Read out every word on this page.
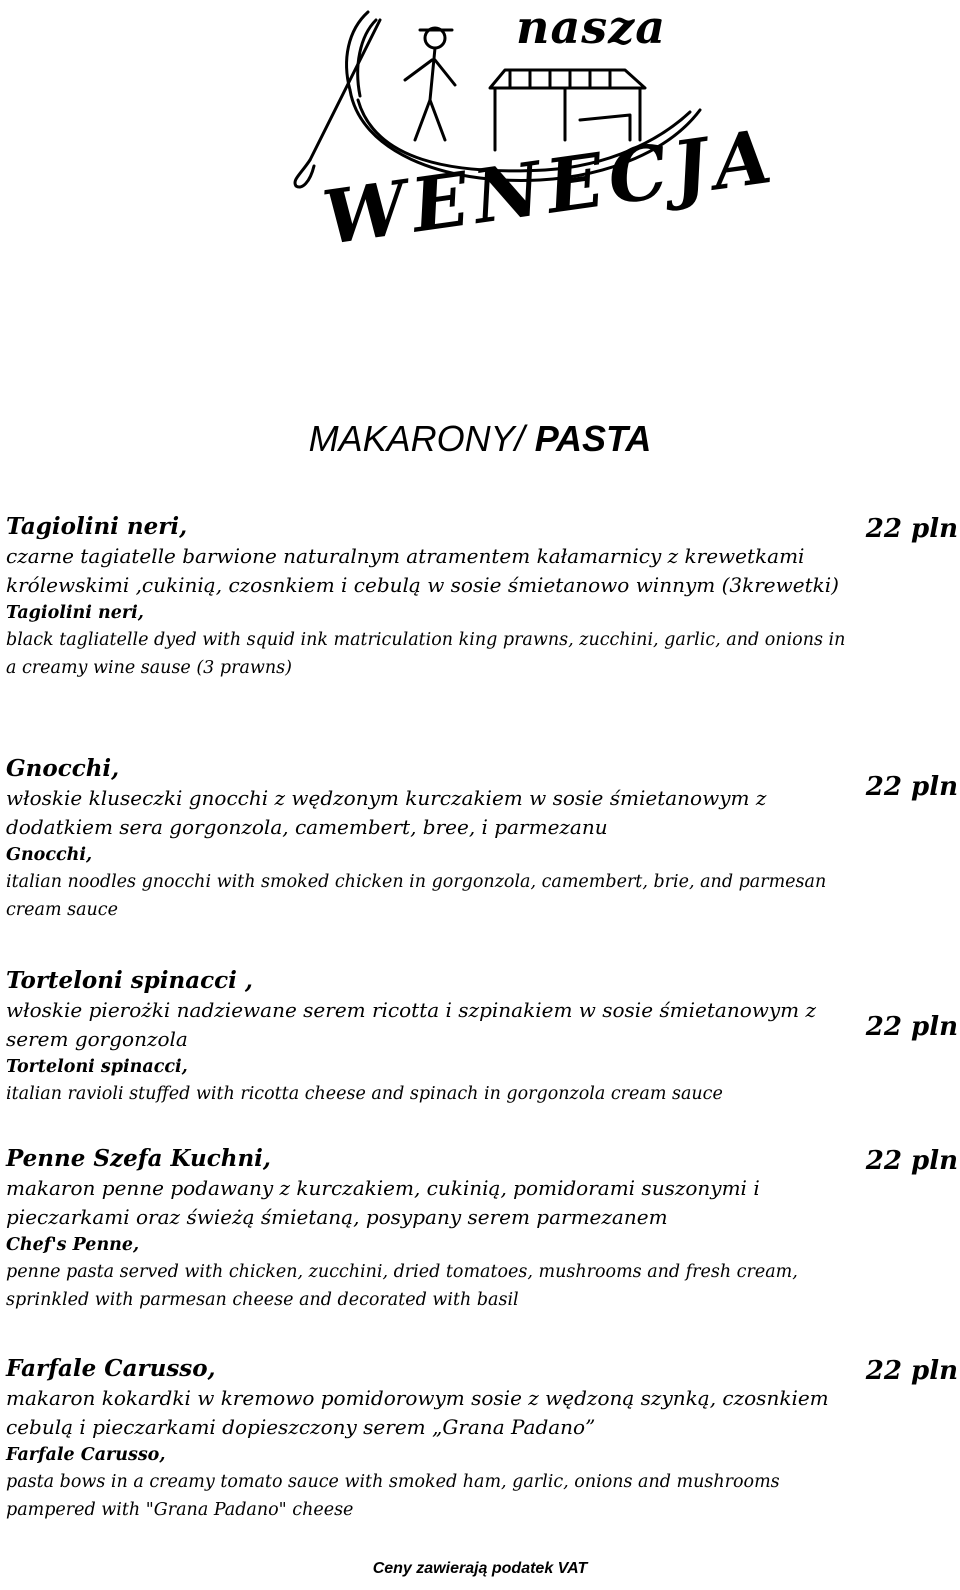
nasza
WENECJA
MAKARONY/ PASTA
Tagiolini neri,
czarne tagiatelle barwione naturalnym atramentem kałamarnicy z krewetkami królewskimi ,cukinią, czosnkiem i cebulą w sosie śmietanowo winnym (3krewetki)
Tagiolini neri,
black tagliatelle dyed with squid ink matriculation king prawns, zucchini, garlic, and onions in a creamy wine sause (3 prawns)
22 pln
Gnocchi,
włoskie kluseczki gnocchi z wędzonym kurczakiem w sosie śmietanowym z dodatkiem sera gorgonzola, camembert, bree, i parmezanu
Gnocchi,
italian noodles gnocchi with smoked chicken in gorgonzola, camembert, brie, and parmesan cream sauce
22 pln
Torteloni spinacci ,
włoskie pierożki nadziewane serem ricotta i szpinakiem w sosie śmietanowym z serem gorgonzola
Torteloni spinacci,
italian ravioli stuffed with ricotta cheese and spinach in gorgonzola cream sauce
22 pln
Penne Szefa Kuchni,
makaron penne podawany z kurczakiem, cukinią, pomidorami suszonymi i pieczarkami oraz świeżą śmietaną, posypany serem parmezanem
Chef's Penne,
penne pasta served with chicken, zucchini, dried tomatoes, mushrooms and fresh cream, sprinkled with parmesan cheese and decorated with basil
22 pln
Farfale Carusso,
makaron kokardki w kremowo pomidorowym sosie z wędzoną szynką, czosnkiem cebulą i pieczarkami dopieszczony serem „Grana Padano”
Farfale Carusso,
pasta bows in a creamy tomato sauce with smoked ham, garlic, onions and mushrooms pampered with "Grana Padano" cheese
22 pln
Ceny zawierają podatek VAT
